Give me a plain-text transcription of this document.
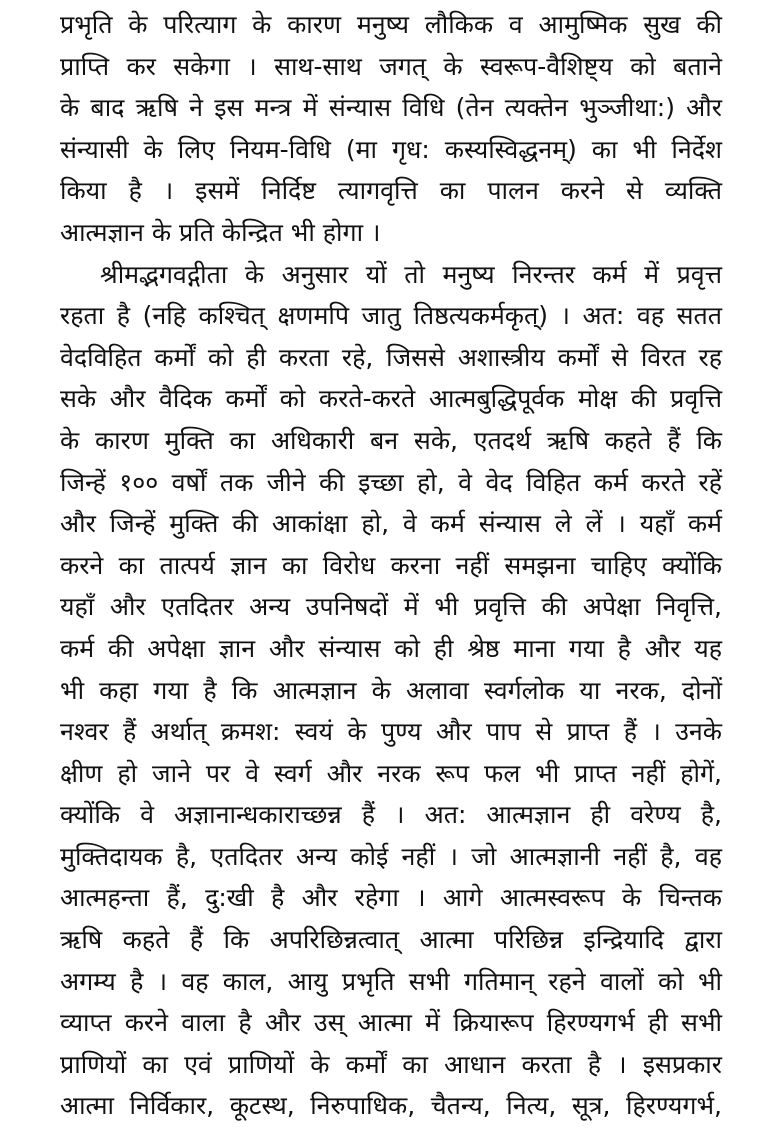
प्रभृति के परित्याग के कारण मनुष्य लौकिक व आमुष्मिक सुख की
प्राप्ति कर सकेगा । साथ-साथ जगत् के स्वरूप-वैशिष्ट्य को बताने
के बाद ऋषि ने इस मन्त्र में संन्यास विधि (तेन त्यक्तेन भुञ्जीथा:) और
संन्यासी के लिए नियम-विधि (मा गृध: कस्यस्विद्धनम्) का भी निर्देश
किया है । इसमें निर्दिष्ट त्यागवृत्ति का पालन करने से व्यक्ति
आत्मज्ञान के प्रति केन्द्रित भी होगा ।
श्रीमद्भगवद्गीता के अनुसार यों तो मनुष्य निरन्तर कर्म में प्रवृत्त
रहता है (नहि कश्चित् क्षणमपि जातु तिष्ठत्यकर्मकृत्) । अत: वह सतत
वेदविहित कर्मों को ही करता रहे, जिससे अशास्त्रीय कर्मों से विरत रह
सके और वैदिक कर्मों को करते-करते आत्मबुद्धिपूर्वक मोक्ष की प्रवृत्ति
के कारण मुक्ति का अधिकारी बन सके, एतदर्थ ऋषि कहते हैं कि
जिन्हें १०० वर्षों तक जीने की इच्छा हो, वे वेद विहित कर्म करते रहें
और जिन्हें मुक्ति की आकांक्षा हो, वे कर्म संन्यास ले लें । यहाँ कर्म
करने का तात्पर्य ज्ञान का विरोध करना नहीं समझना चाहिए क्योंकि
यहाँ और एतदितर अन्य उपनिषदों में भी प्रवृत्ति की अपेक्षा निवृत्ति,
कर्म की अपेक्षा ज्ञान और संन्यास को ही श्रेष्ठ माना गया है और यह
भी कहा गया है कि आत्मज्ञान के अलावा स्वर्गलोक या नरक, दोनों
नश्वर हैं अर्थात् क्रमश: स्वयं के पुण्य और पाप से प्राप्त हैं । उनके
क्षीण हो जाने पर वे स्वर्ग और नरक रूप फल भी प्राप्त नहीं होगें,
क्योंकि वे अज्ञानान्धकाराच्छन्न हैं । अत: आत्मज्ञान ही वरेण्य है,
मुक्तिदायक है, एतदितर अन्य कोई नहीं । जो आत्मज्ञानी नहीं है, वह
आत्महन्ता हैं, दु:खी है और रहेगा । आगे आत्मस्वरूप के चिन्तक
ऋषि कहते हैं कि अपरिछिन्नत्वात् आत्मा परिछिन्न इन्द्रियादि द्वारा
अगम्य है । वह काल, आयु प्रभृति सभी गतिमान् रहने वालों को भी
व्याप्त करने वाला है और उस् आत्मा में क्रियारूप हिरण्यगर्भ ही सभी
प्राणियों का एवं प्राणियों के कर्मों का आधान करता है । इसप्रकार
आत्मा निर्विकार, कूटस्थ, निरुपाधिक, चैतन्य, नित्य, सूत्र, हिरण्यगर्भ,
